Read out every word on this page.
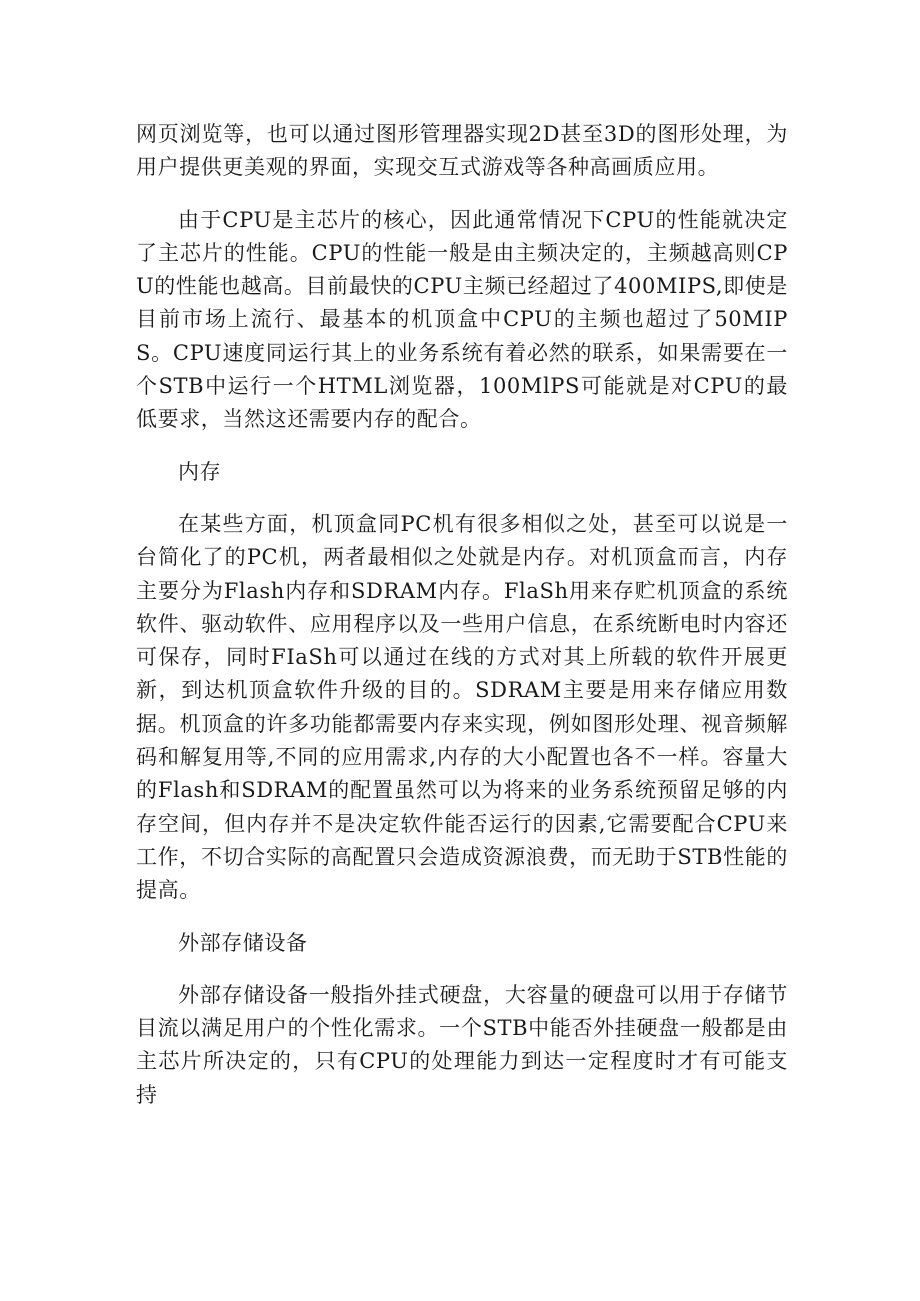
网页浏览等，也可以通过图形管理器实现2D甚至3D的图形处理，为用户提供更美观的界面，实现交互式游戏等各种高画质应用。

由于CPU是主芯片的核心，因此通常情况下CPU的性能就决定了主芯片的性能。CPU的性能一般是由主频决定的，主频越高则CPU的性能也越高。目前最快的CPU主频已经超过了400MIPS,即使是目前市场上流行、最基本的机顶盒中CPU的主频也超过了50MIPS。CPU速度同运行其上的业务系统有着必然的联系，如果需要在一个STB中运行一个HTML浏览器，100MlPS可能就是对CPU的最低要求，当然这还需要内存的配合。

内存

在某些方面，机顶盒同PC机有很多相似之处，甚至可以说是一台简化了的PC机，两者最相似之处就是内存。对机顶盒而言，内存主要分为Flash内存和SDRAM内存。FlaSh用来存贮机顶盒的系统软件、驱动软件、应用程序以及一些用户信息，在系统断电时内容还可保存，同时FIaSh可以通过在线的方式对其上所载的软件开展更新，到达机顶盒软件升级的目的。SDRAM主要是用来存储应用数据。机顶盒的许多功能都需要内存来实现，例如图形处理、视音频解码和解复用等,不同的应用需求,内存的大小配置也各不一样。容量大的Flash和SDRAM的配置虽然可以为将来的业务系统预留足够的内存空间，但内存并不是决定软件能否运行的因素,它需要配合CPU来工作，不切合实际的高配置只会造成资源浪费，而无助于STB性能的提高。

外部存储设备

外部存储设备一般指外挂式硬盘，大容量的硬盘可以用于存储节目流以满足用户的个性化需求。一个STB中能否外挂硬盘一般都是由主芯片所决定的，只有CPU的处理能力到达一定程度时才有可能支持
